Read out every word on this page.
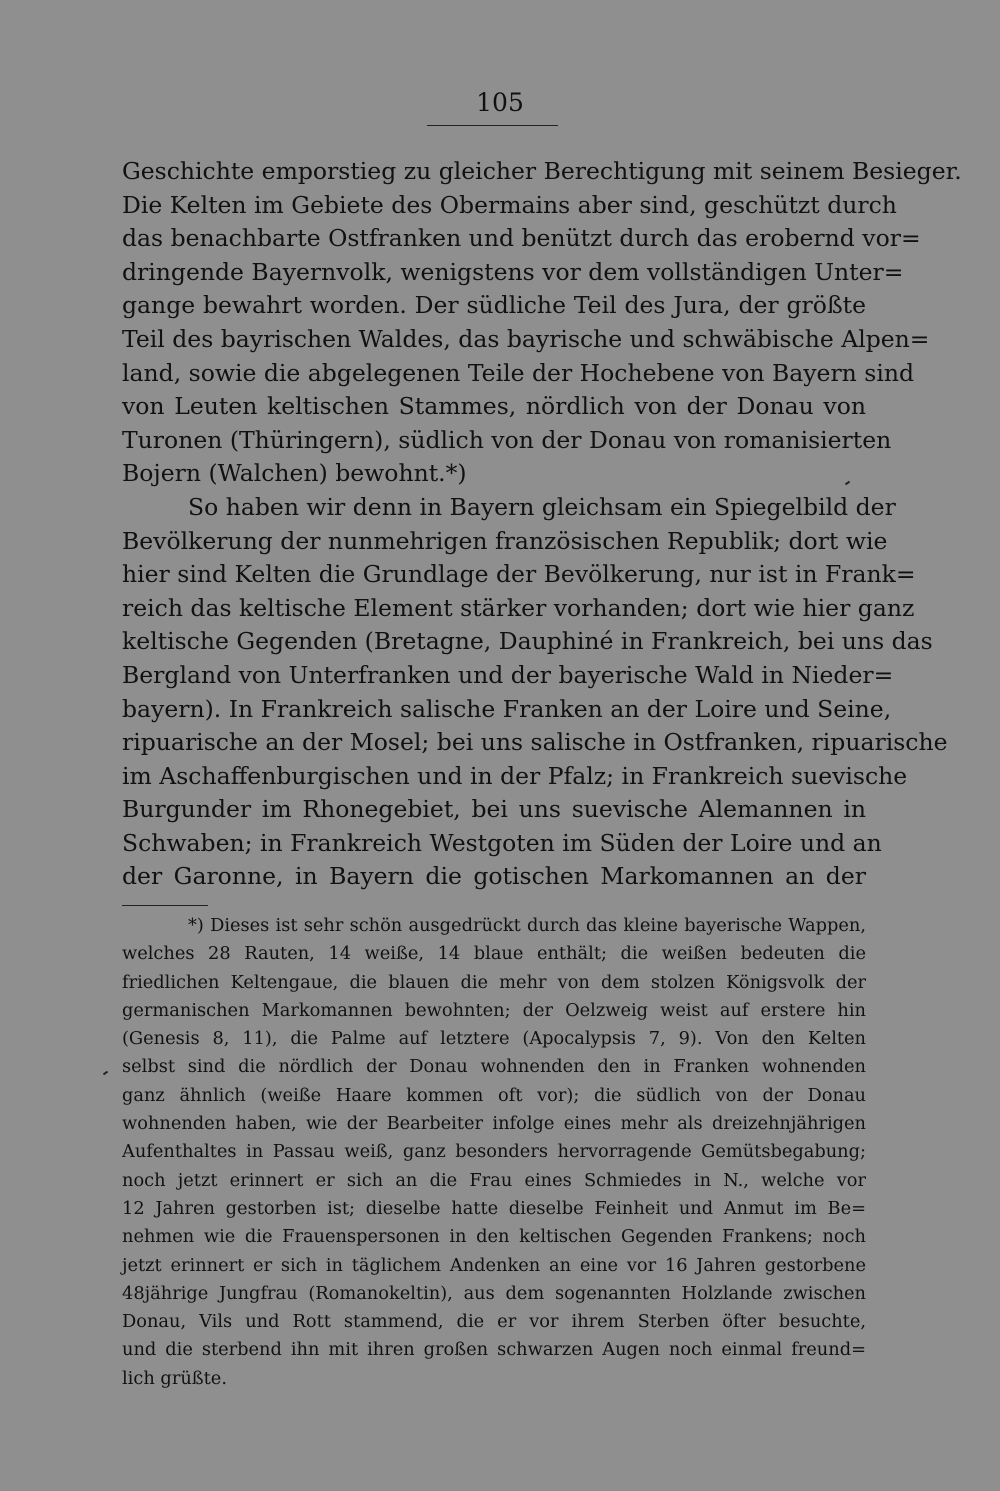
105
Geschichte emporstieg zu gleicher Berechtigung mit seinem Besieger.
Die Kelten im Gebiete des Obermains aber sind, geschützt durch
das benachbarte Ostfranken und benützt durch das erobernd vor=
dringende Bayernvolk, wenigstens vor dem vollständigen Unter=
gange bewahrt worden. Der südliche Teil des Jura, der größte
Teil des bayrischen Waldes, das bayrische und schwäbische Alpen=
land, sowie die abgelegenen Teile der Hochebene von Bayern sind
von Leuten keltischen Stammes, nördlich von der Donau von
Turonen (Thüringern), südlich von der Donau von romanisierten
Bojern (Walchen) bewohnt.*)
So haben wir denn in Bayern gleichsam ein Spiegelbild der
Bevölkerung der nunmehrigen französischen Republik; dort wie
hier sind Kelten die Grundlage der Bevölkerung, nur ist in Frank=
reich das keltische Element stärker vorhanden; dort wie hier ganz
keltische Gegenden (Bretagne, Dauphiné in Frankreich, bei uns das
Bergland von Unterfranken und der bayerische Wald in Nieder=
bayern). In Frankreich salische Franken an der Loire und Seine,
ripuarische an der Mosel; bei uns salische in Ostfranken, ripuarische
im Aschaffenburgischen und in der Pfalz; in Frankreich suevische
Burgunder im Rhonegebiet, bei uns suevische Alemannen in
Schwaben; in Frankreich Westgoten im Süden der Loire und an
der Garonne, in Bayern die gotischen Markomannen an der
*) Dieses ist sehr schön ausgedrückt durch das kleine bayerische Wappen,
welches 28 Rauten, 14 weiße, 14 blaue enthält; die weißen bedeuten die
friedlichen Keltengaue, die blauen die mehr von dem stolzen Königsvolk der
germanischen Markomannen bewohnten; der Oelzweig weist auf erstere hin
(Genesis 8, 11), die Palme auf letztere (Apocalypsis 7, 9). Von den Kelten
selbst sind die nördlich der Donau wohnenden den in Franken wohnenden
ganz ähnlich (weiße Haare kommen oft vor); die südlich von der Donau
wohnenden haben, wie der Bearbeiter infolge eines mehr als dreizehnjährigen
Aufenthaltes in Passau weiß, ganz besonders hervorragende Gemütsbegabung;
noch jetzt erinnert er sich an die Frau eines Schmiedes in N., welche vor
12 Jahren gestorben ist; dieselbe hatte dieselbe Feinheit und Anmut im Be=
nehmen wie die Frauenspersonen in den keltischen Gegenden Frankens; noch
jetzt erinnert er sich in täglichem Andenken an eine vor 16 Jahren gestorbene
48jährige Jungfrau (Romanokeltin), aus dem sogenannten Holzlande zwischen
Donau, Vils und Rott stammend, die er vor ihrem Sterben öfter besuchte,
und die sterbend ihn mit ihren großen schwarzen Augen noch einmal freund=
lich grüßte.
